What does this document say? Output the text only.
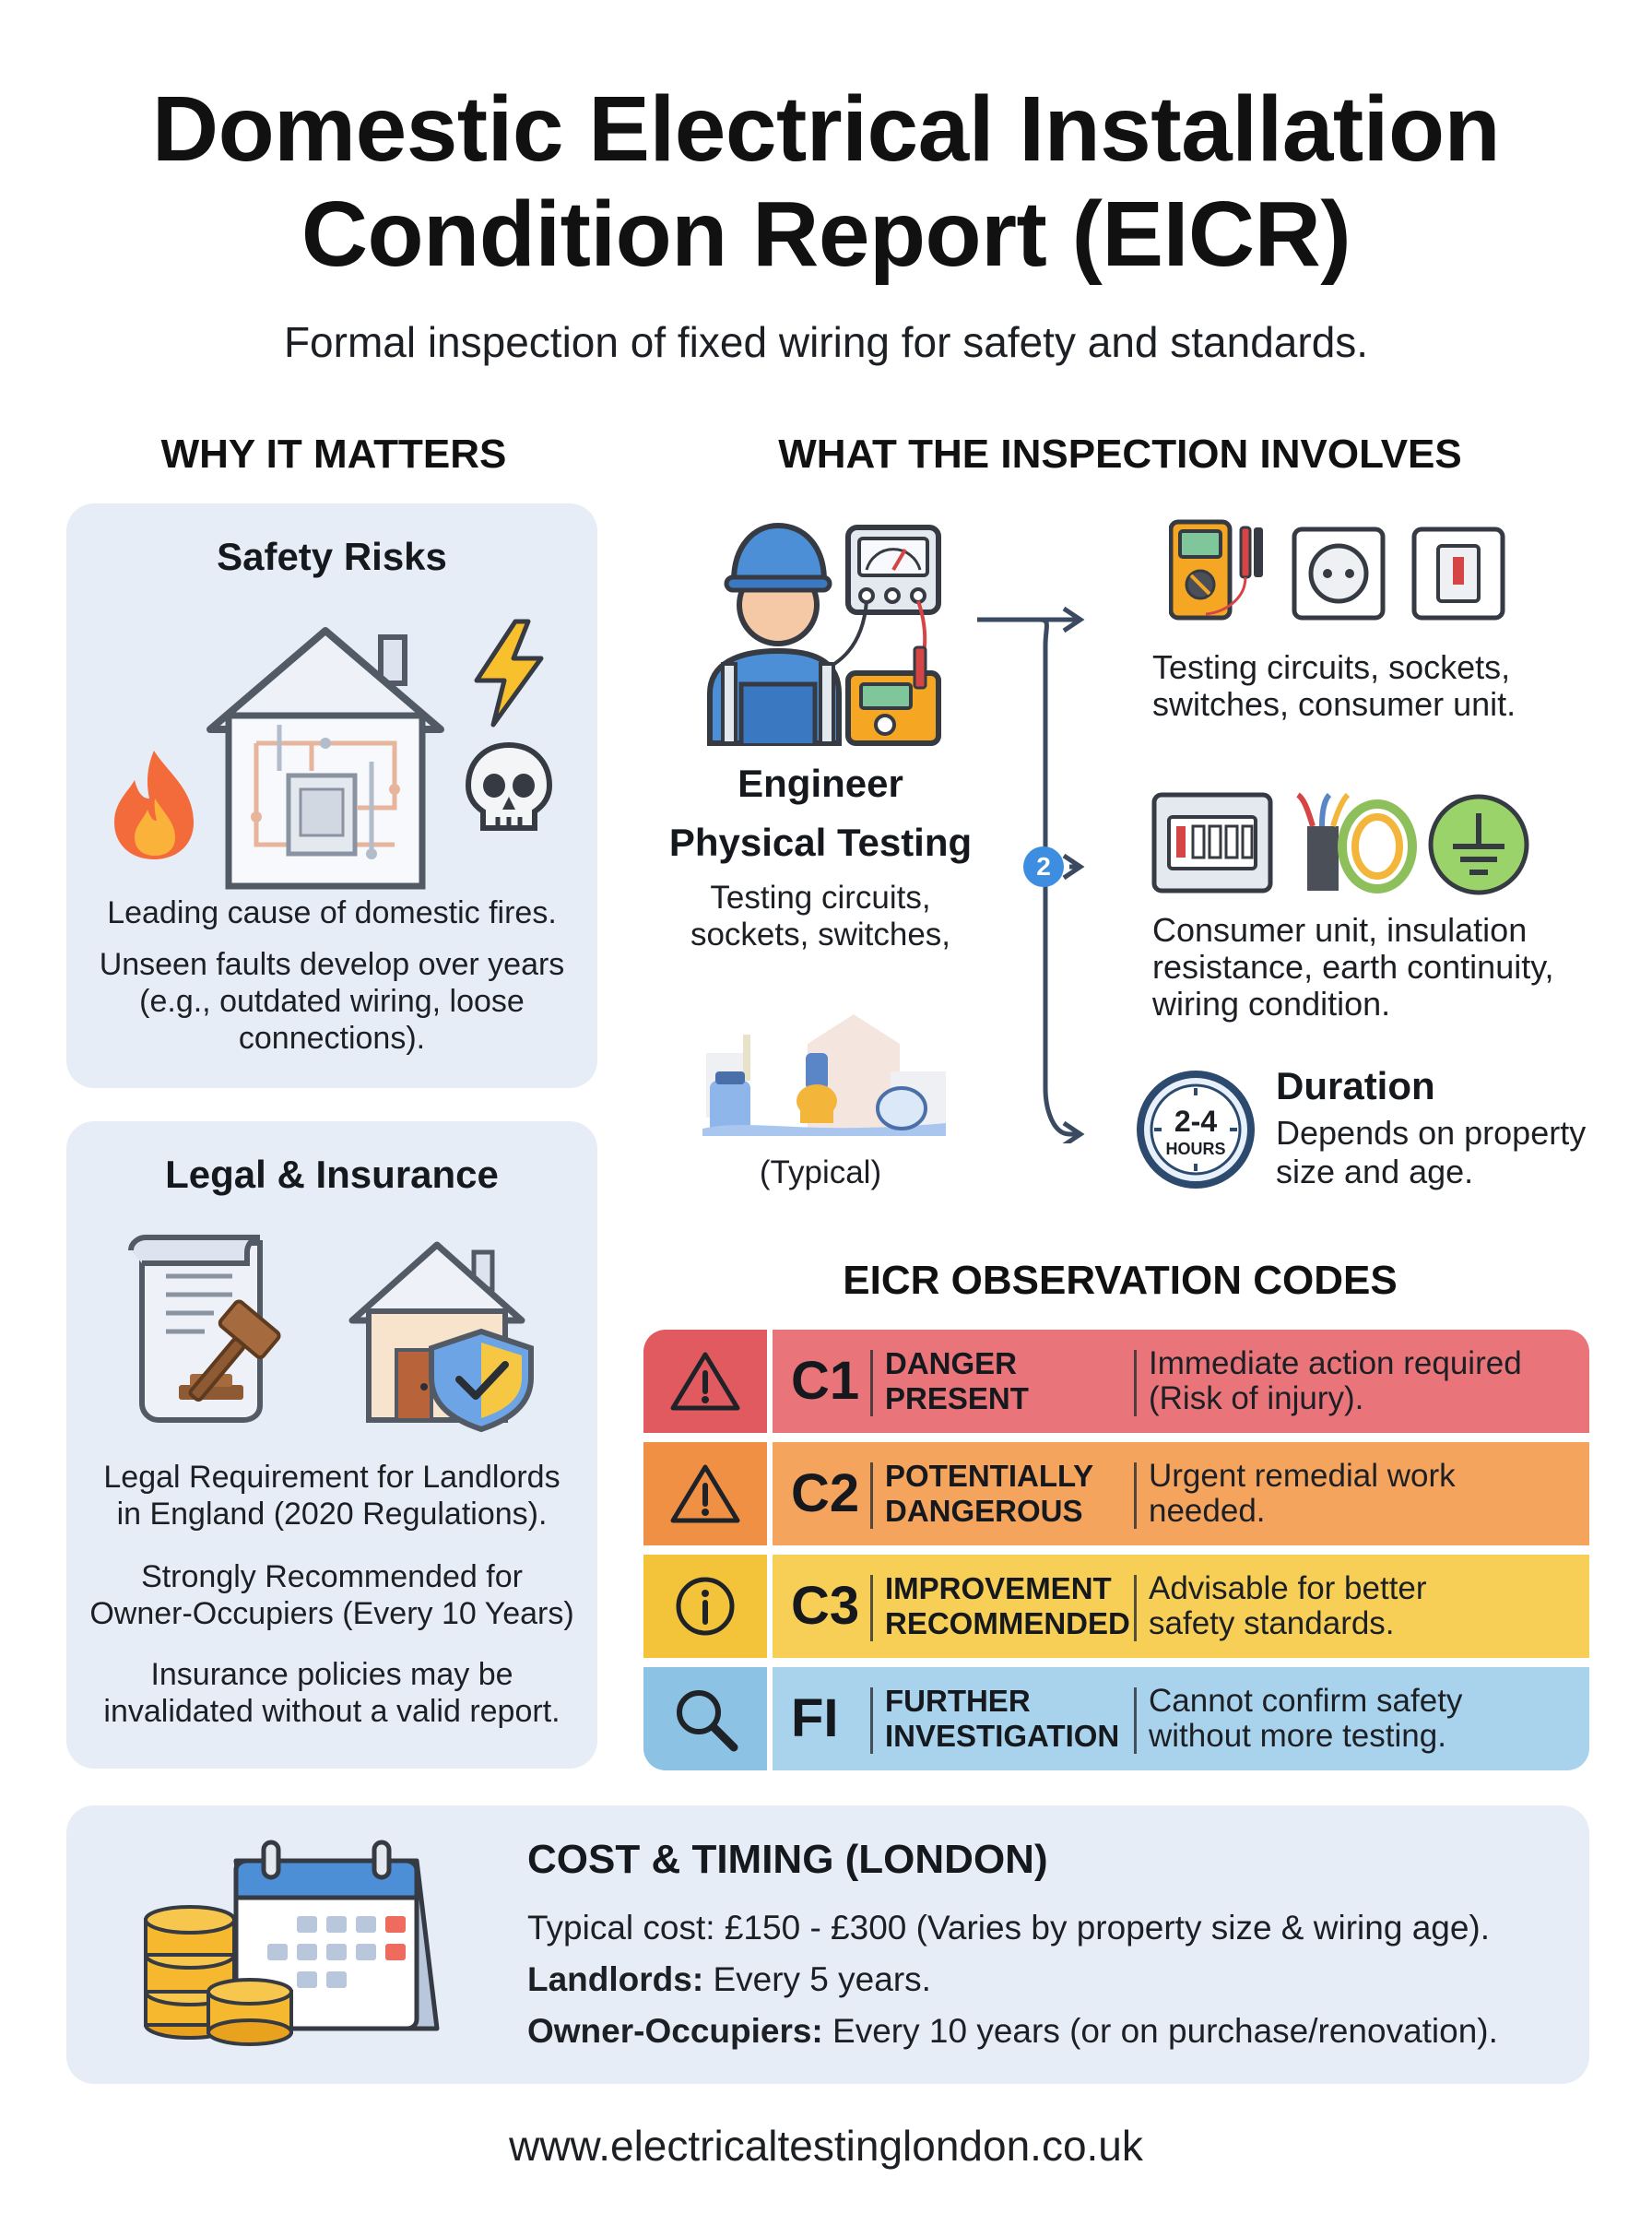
Domestic Electrical Installation
Condition Report (EICR)
Formal inspection of fixed wiring for safety and standards.
WHY IT MATTERS
Safety Risks
Leading cause of domestic fires.
Unseen faults develop over years
(e.g., outdated wiring, loose
connections).
Legal & Insurance
Legal Requirement for Landlords
in England (2020 Regulations).
Strongly Recommended for
Owner-Occupiers (Every 10 Years)
Insurance policies may be
invalidated without a valid report.
WHAT THE INSPECTION INVOLVES
Engineer
Physical Testing
Testing circuits,
sockets, switches,
(Typical)
2
Testing circuits, sockets,
switches, consumer unit.
Consumer unit, insulation
resistance, earth continuity,
wiring condition.
2-4
HOURS
Duration
Depends on property
size and age.
EICR OBSERVATION CODES
C1 DANGER
PRESENT
Immediate action required
(Risk of injury).
C2 POTENTIALLY
DANGEROUS
Urgent remedial work
needed.
C3 IMPROVEMENT
RECOMMENDED
Advisable for better
safety standards.
FI FURTHER
INVESTIGATION
Cannot confirm safety
without more testing.
COST & TIMING (LONDON)
Typical cost: £150 - £300 (Varies by property size & wiring age).
Landlords: Every 5 years.
Owner-Occupiers: Every 10 years (or on purchase/renovation).
www.electricaltestinglondon.co.uk
